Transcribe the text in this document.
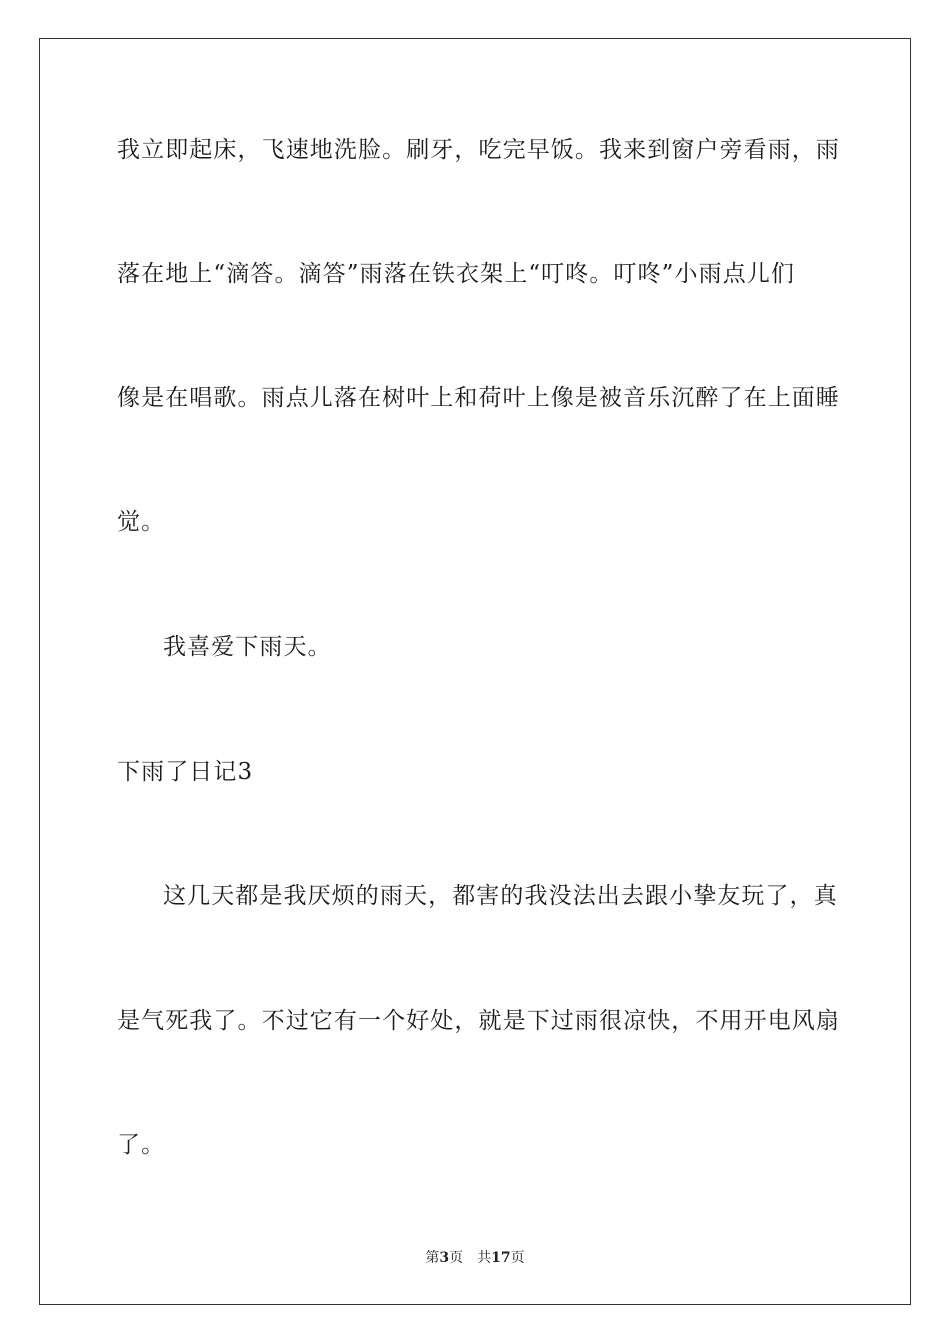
我立即起床，飞速地洗脸。刷牙，吃完早饭。我来到窗户旁看雨，雨
落在地上“滴答。滴答”雨落在铁衣架上“叮咚。叮咚”小雨点儿们
像是在唱歌。雨点儿落在树叶上和荷叶上像是被音乐沉醉了在上面睡
觉。
我喜爱下雨天。
下雨了日记3
这几天都是我厌烦的雨天，都害的我没法出去跟小挚友玩了，真
是气死我了。不过它有一个好处，就是下过雨很凉快，不用开电风扇
了。
第3页 共17页
